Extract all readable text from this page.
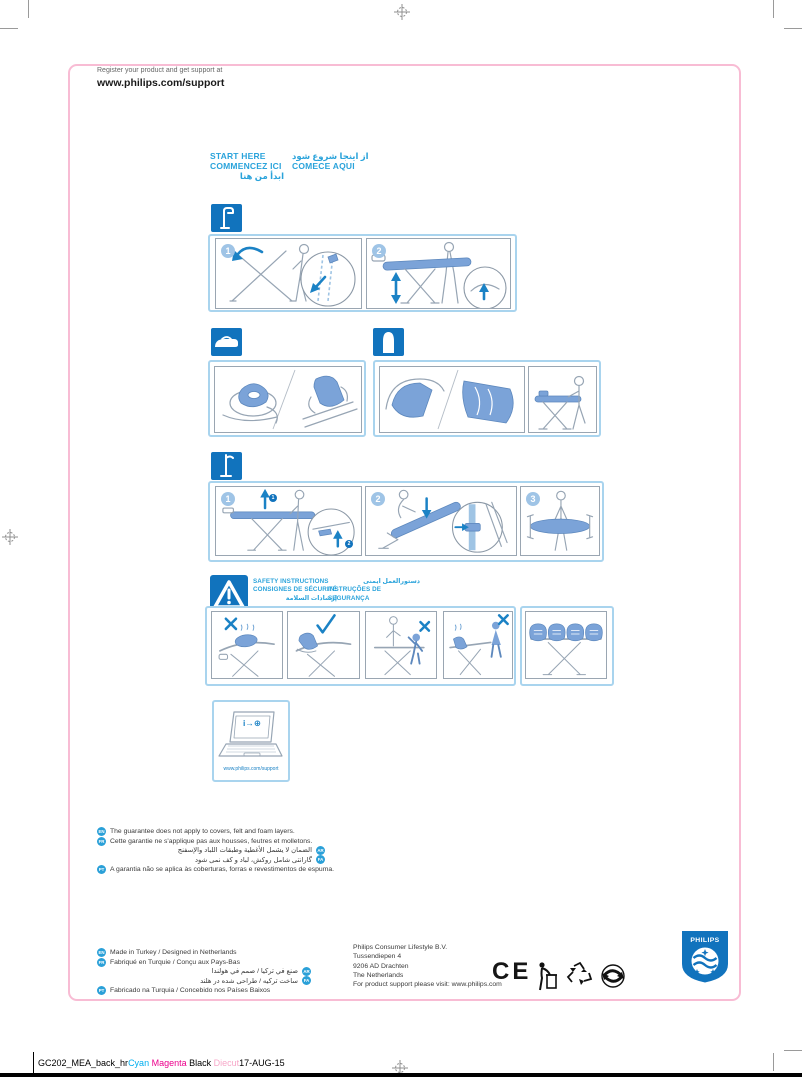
Register your product and get support at
www.philips.com/support
START HERE
COMMENCEZ ICI
ابدأ من هنا
از اینجا شروع شود
COMECE AQUI
1	2
1	2	3
1
2
SAFETY INSTRUCTIONS
CONSIGNES DE SÉCURITÉ
إرشادات السلامة
دستورالعمل ایمنی
INSTRUÇÕES DE SEGURANÇA
i→⊕
www.philips.com/support
EN The guarantee does not apply to covers, felt and foam layers.
FR Cette garantie ne s'applique pas aux housses, feutres et molletons.
الضمان لا يشمل الأغطية وطبقات اللباد والإسفنج	AR
گارانتی شامل روکش، لباد و کف نمی شود	FA
PT A garantia não se aplica às coberturas, forras e revestimentos de espuma.
EN Made in Turkey / Designed in Netherlands
FR Fabriqué en Turquie / Conçu aux Pays-Bas
صنع في تركيا / صمم في هولندا	AR
ساخت ترکیه / طراحی شده در هلند	FA
PT Fabricado na Turquia / Concebido nos Países Baixos
Philips Consumer Lifestyle B.V.
Tussendiepen 4
9206 AD Drachten
The Netherlands
For product support please visit: www.philips.com
CE
PHILIPS
GC202_MEA_back_hrCyan Magenta Black Diecut17-AUG-15
